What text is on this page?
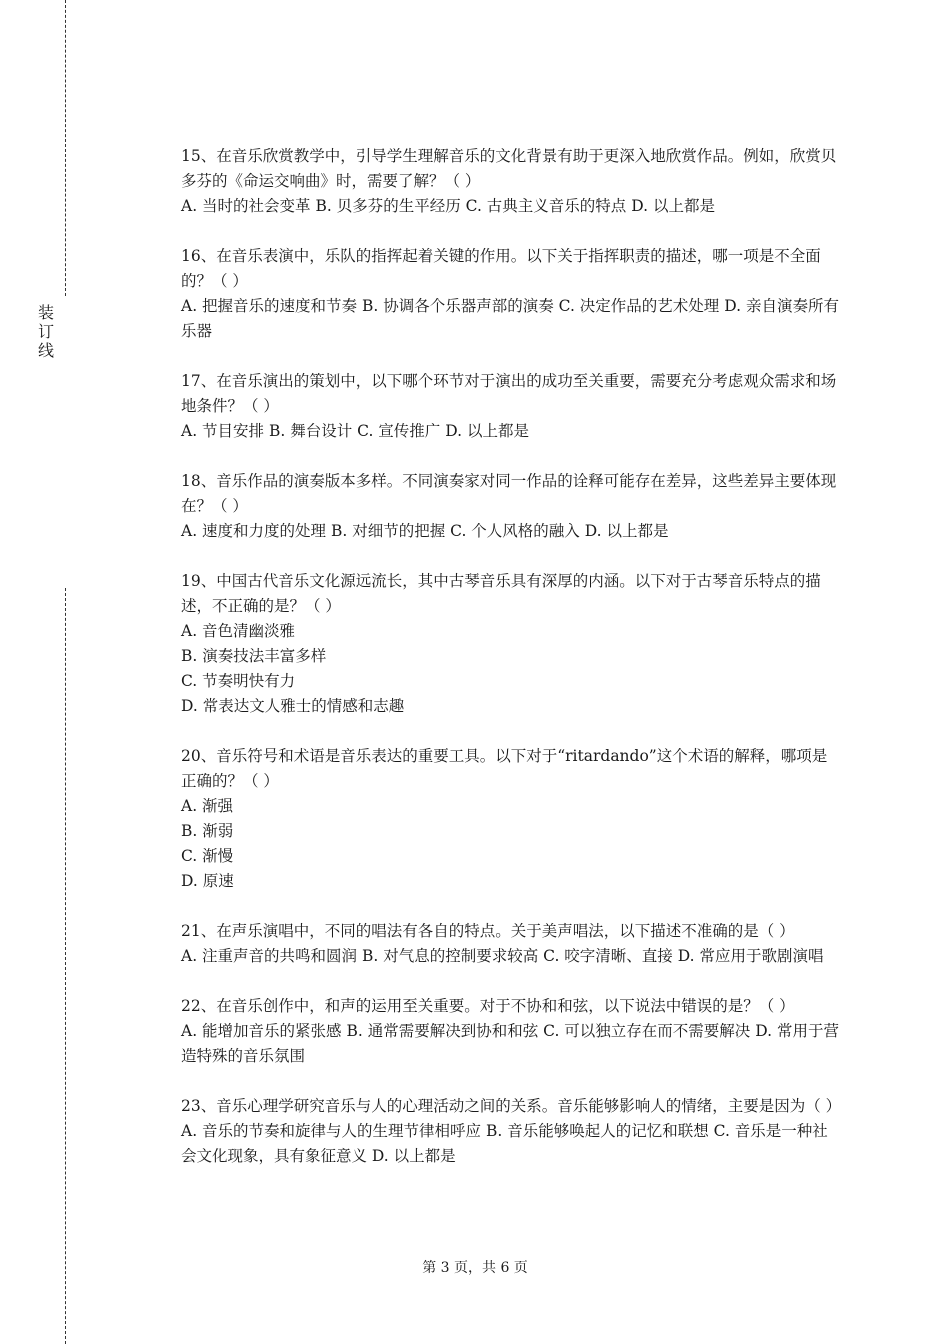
装
订
线
15、在音乐欣赏教学中，引导学生理解音乐的文化背景有助于更深入地欣赏作品。例如，欣赏贝多芬的《命运交响曲》时，需要了解？（ ）
A. 当时的社会变革 B. 贝多芬的生平经历 C. 古典主义音乐的特点 D. 以上都是
16、在音乐表演中，乐队的指挥起着关键的作用。以下关于指挥职责的描述，哪一项是不全面的？（ ）
A. 把握音乐的速度和节奏 B. 协调各个乐器声部的演奏 C. 决定作品的艺术处理 D. 亲自演奏所有乐器
17、在音乐演出的策划中，以下哪个环节对于演出的成功至关重要，需要充分考虑观众需求和场地条件？（ ）
A. 节目安排 B. 舞台设计 C. 宣传推广 D. 以上都是
18、音乐作品的演奏版本多样。不同演奏家对同一作品的诠释可能存在差异，这些差异主要体现在？（ ）
A. 速度和力度的处理 B. 对细节的把握 C. 个人风格的融入 D. 以上都是
19、中国古代音乐文化源远流长，其中古琴音乐具有深厚的内涵。以下对于古琴音乐特点的描述，不正确的是？（ ）
A. 音色清幽淡雅
B. 演奏技法丰富多样
C. 节奏明快有力
D. 常表达文人雅士的情感和志趣
20、音乐符号和术语是音乐表达的重要工具。以下对于“ritardando”这个术语的解释，哪项是正确的？（ ）
A. 渐强
B. 渐弱
C. 渐慢
D. 原速
21、在声乐演唱中，不同的唱法有各自的特点。关于美声唱法，以下描述不准确的是（ ）
A. 注重声音的共鸣和圆润 B. 对气息的控制要求较高 C. 咬字清晰、直接 D. 常应用于歌剧演唱
22、在音乐创作中，和声的运用至关重要。对于不协和和弦，以下说法中错误的是？（ ）
A. 能增加音乐的紧张感 B. 通常需要解决到协和和弦 C. 可以独立存在而不需要解决 D. 常用于营造特殊的音乐氛围
23、音乐心理学研究音乐与人的心理活动之间的关系。音乐能够影响人的情绪，主要是因为（ ）
A. 音乐的节奏和旋律与人的生理节律相呼应 B. 音乐能够唤起人的记忆和联想 C. 音乐是一种社会文化现象，具有象征意义 D. 以上都是
第 3 页，共 6 页
